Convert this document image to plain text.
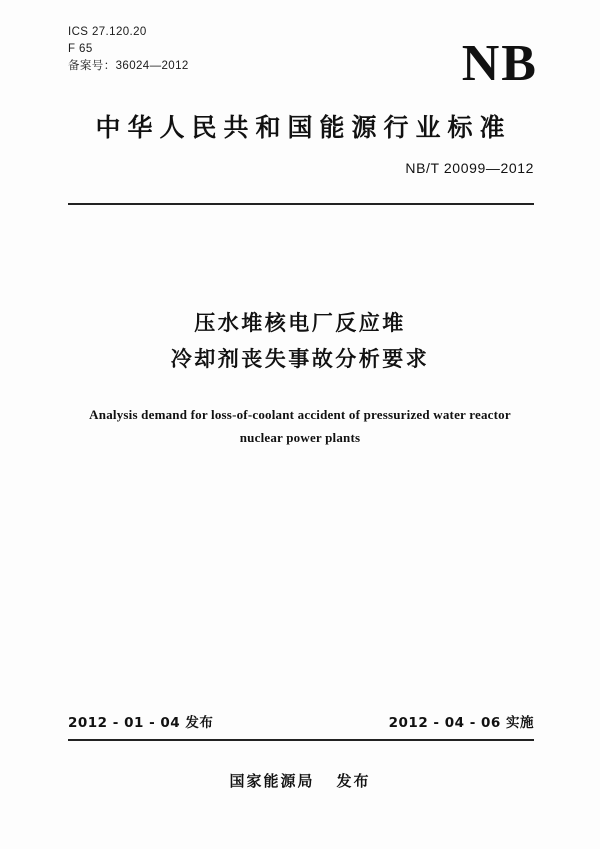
ICS 27.120.20
F 65
备案号：36024—2012	NB
中华人民共和国能源行业标准
NB/T 20099—2012
压水堆核电厂反应堆
冷却剂丧失事故分析要求
Analysis demand for loss-of-coolant accident of pressurized water reactor
nuclear power plants
2012 - 01 - 04 发布	2012 - 04 - 06 实施
国家能源局 发布
